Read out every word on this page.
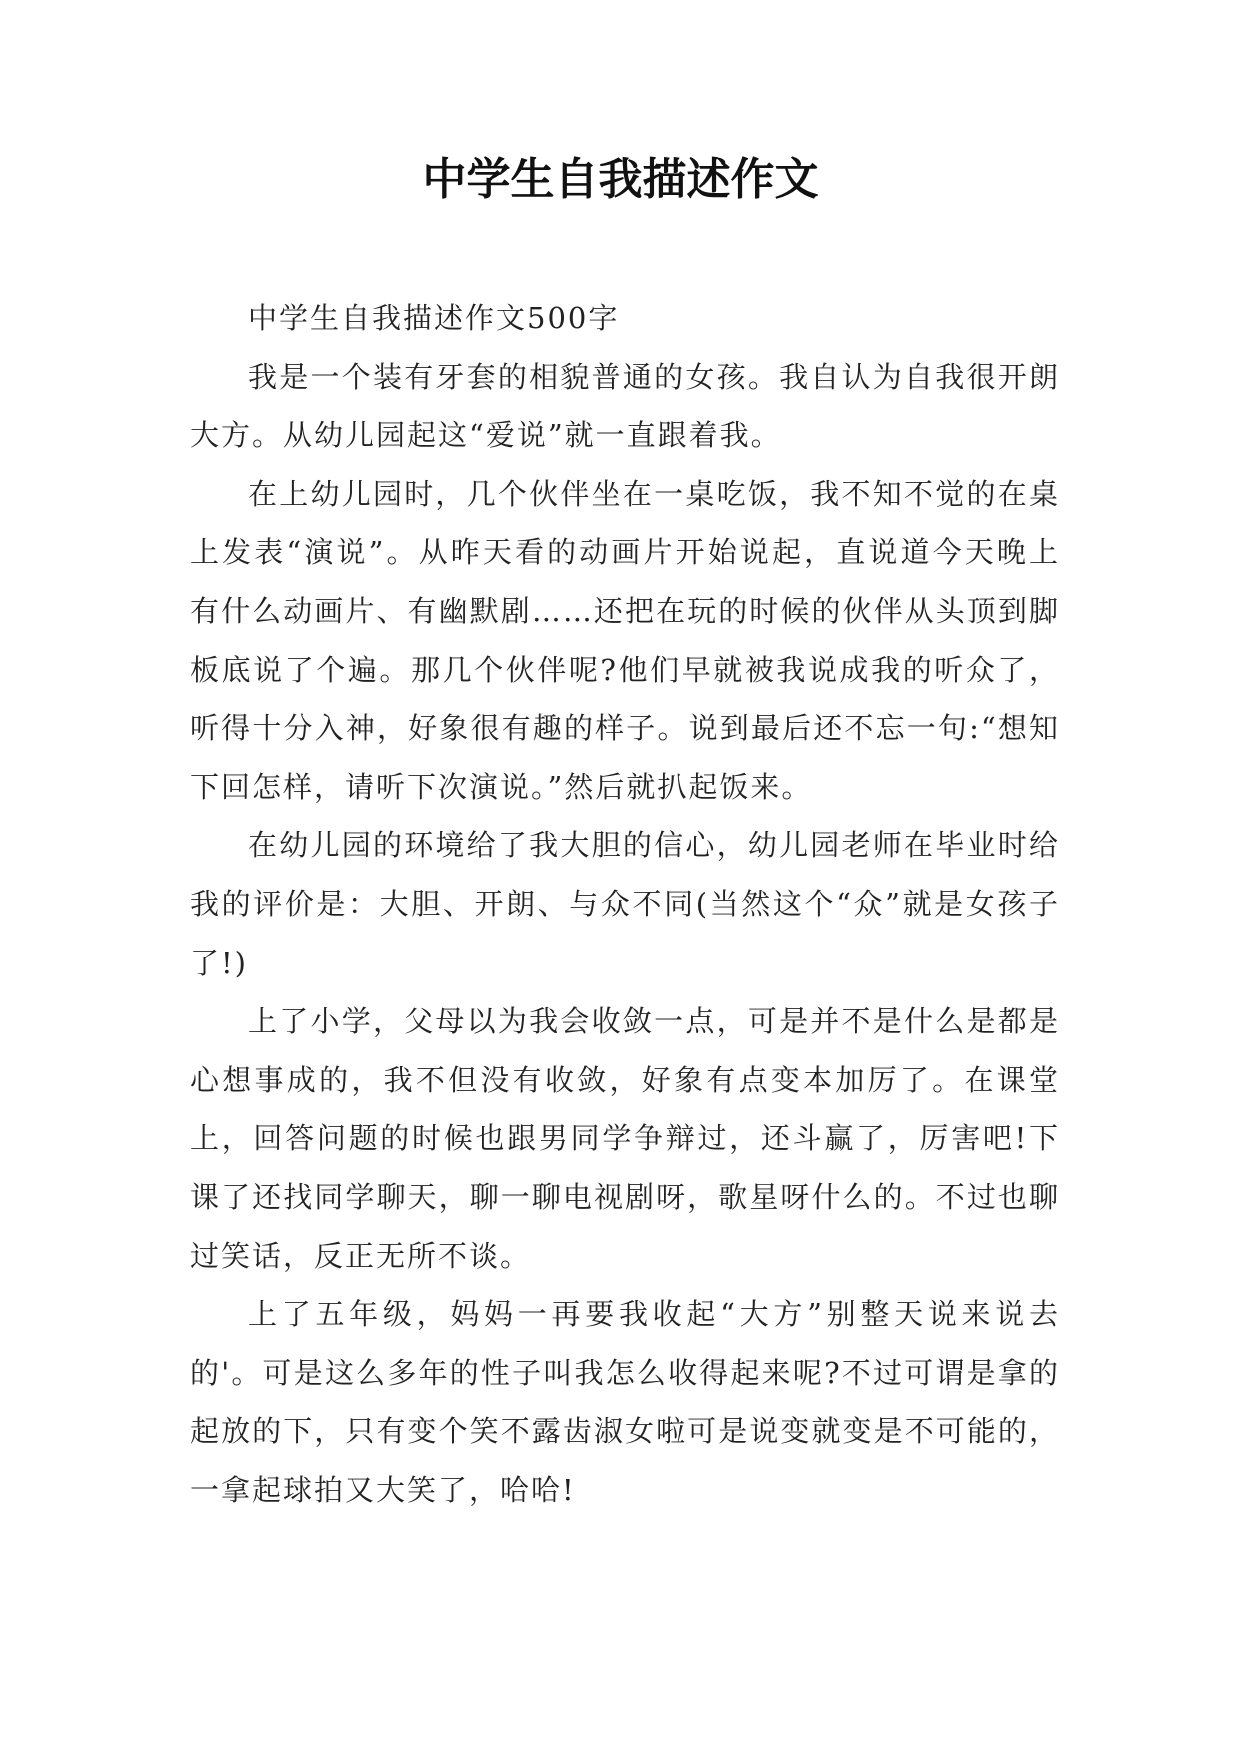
中学生自我描述作文

中学生自我描述作文500字

我是一个装有牙套的相貌普通的女孩。我自认为自我很开朗大方。从幼儿园起这“爱说”就一直跟着我。

在上幼儿园时，几个伙伴坐在一桌吃饭，我不知不觉的在桌上发表“演说”。从昨天看的动画片开始说起，直说道今天晚上有什么动画片、有幽默剧……还把在玩的时候的伙伴从头顶到脚板底说了个遍。那几个伙伴呢?他们早就被我说成我的听众了，听得十分入神，好象很有趣的样子。说到最后还不忘一句:“想知下回怎样，请听下次演说。”然后就扒起饭来。

在幼儿园的环境给了我大胆的信心，幼儿园老师在毕业时给我的评价是：大胆、开朗、与众不同(当然这个“众”就是女孩子了!)

上了小学，父母以为我会收敛一点，可是并不是什么是都是心想事成的，我不但没有收敛，好象有点变本加厉了。在课堂上，回答问题的时候也跟男同学争辩过，还斗赢了，厉害吧!下课了还找同学聊天，聊一聊电视剧呀，歌星呀什么的。不过也聊过笑话，反正无所不谈。

上了五年级，妈妈一再要我收起“大方”别整天说来说去的'。可是这么多年的性子叫我怎么收得起来呢?不过可谓是拿的起放的下，只有变个笑不露齿淑女啦可是说变就变是不可能的，一拿起球拍又大笑了，哈哈!
